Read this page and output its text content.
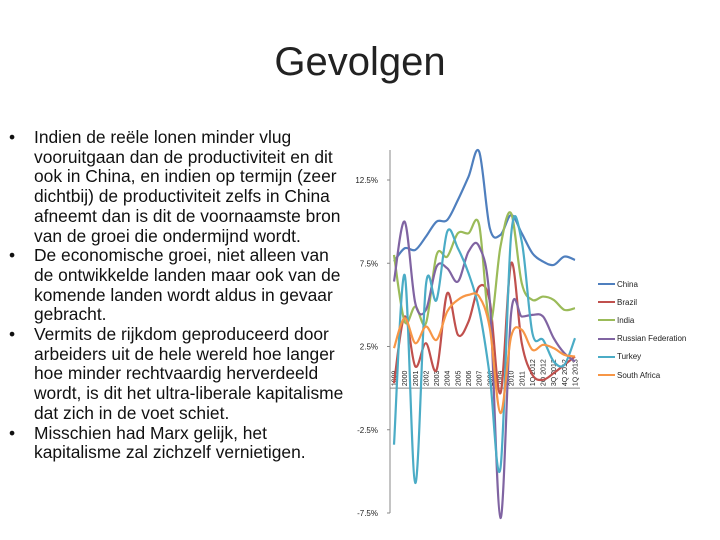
Gevolgen
• Indien de reële lonen minder vlug vooruitgaan dan de productiviteit en dit ook in China, en indien op termijn (zeer dichtbij) de productiviteit zelfs in China afneemt dan is dit de voornaamste bron van de groei die ondermijnd wordt.
• De economische groei, niet alleen van de ontwikkelde landen maar ook van de komende landen wordt aldus in gevaar gebracht.
• Vermits de rijkdom geproduceerd door arbeiders uit de hele wereld hoe langer hoe minder rechtvaardig herverdeeld wordt, is dit het ultra-liberale kapitalisme dat zich in de voet schiet.
• Misschien had Marx gelijk, het kapitalisme zal zichzelf vernietigen.
12.5%
7.5%
2.5%
-2.5%
-7.5%
1999 2000 2001 2002 2003 2004 2005 2006 2007 2008 2009 2010 2011 1Q 2012 2Q 2012 3Q 2012 4Q 2012 1Q 2013
China
Brazil
India
Russian Federation
Turkey
South Africa
